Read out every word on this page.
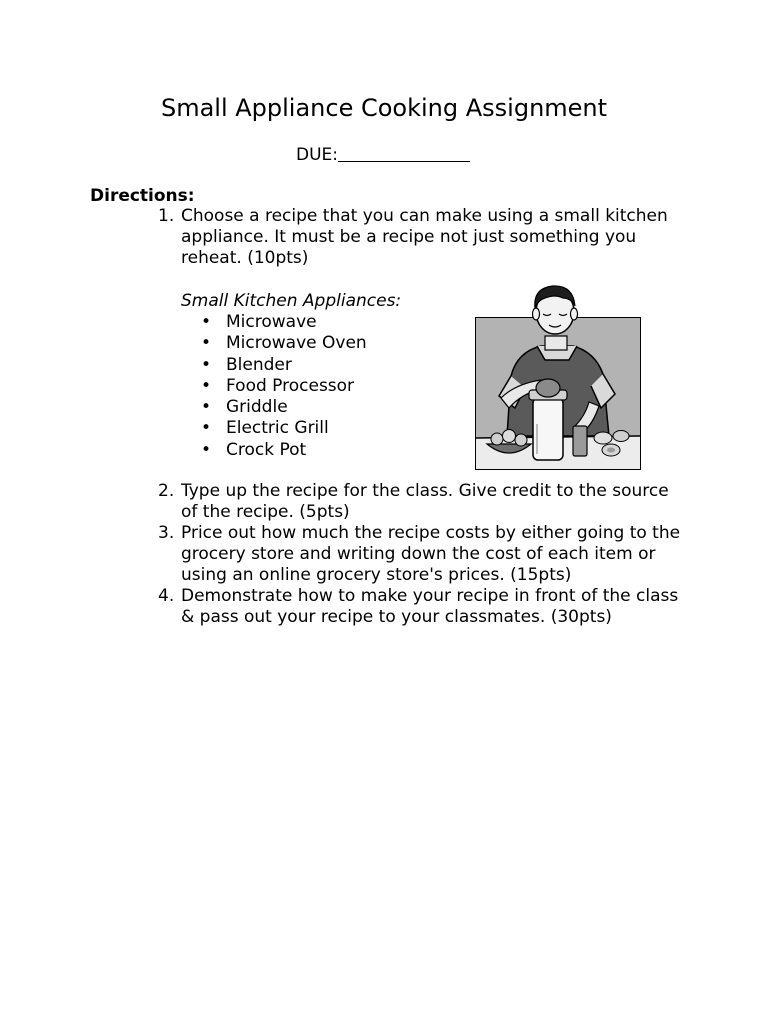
Small Appliance Cooking Assignment
DUE:
Directions:
1. Choose a recipe that you can make using a small kitchen appliance. It must be a recipe not just something you reheat. (10pts)
Small Kitchen Appliances:
• Microwave
• Microwave Oven
• Blender
• Food Processor
• Griddle
• Electric Grill
• Crock Pot
2. Type up the recipe for the class. Give credit to the source of the recipe. (5pts)
3. Price out how much the recipe costs by either going to the grocery store and writing down the cost of each item or using an online grocery store's prices. (15pts)
4. Demonstrate how to make your recipe in front of the class & pass out your recipe to your classmates. (30pts)
